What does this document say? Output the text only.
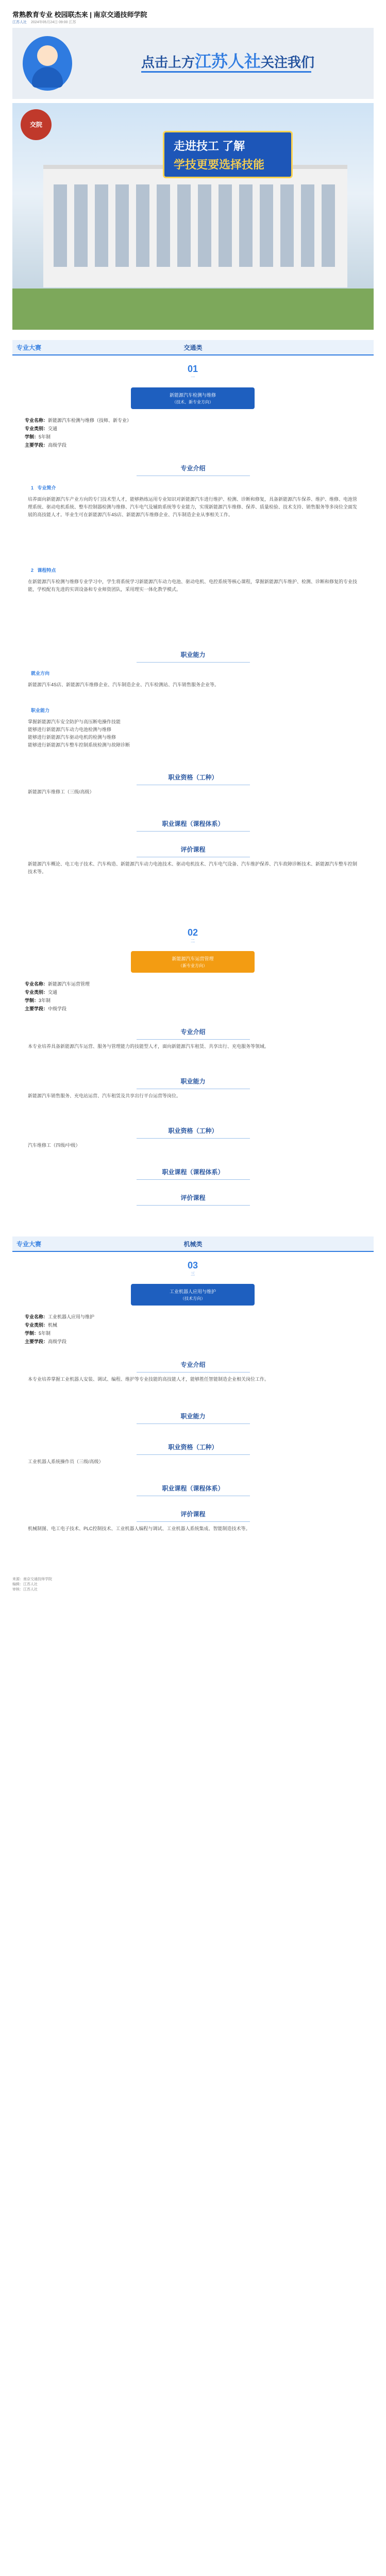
常熟教育专业 校园联杰来 | 南京交通技师学院
江苏人社 2024年05月24日 09:00 江苏
点击上方江苏人社关注我们
交院
走进技工 了解
学技更要选择技能
专业大赛	交通类
01
一
新能源汽车检测与维修
（技术、新专业方向）
专业名称：新能源汽车检测与维修（技师、新专业）
专业类别：交通
学制：5年制
主要学段：高级学段
专业介绍
1 专业简介
培养面向新能源汽车产业方向的专门技术型人才，能够熟练运用专业知识对新能源汽车进行维护、检测、诊断和修复，具备新能源汽车保养、维护、维修、电池管理系统、驱动电机系统、整车控制器检测与维修、汽车电气及辅助系统等专业能力，实现新能源汽车维修、保养、质量检验、技术支持、销售服务等多岗位全面发展的高技能人才。毕业生可在新能源汽车4S店、新能源汽车维修企业、汽车制造企业从事相关工作。
2 课程特点
在新能源汽车检测与维修专业学习中，学生将系统学习新能源汽车动力电池、驱动电机、电控系统等核心课程，掌握新能源汽车维护、检测、诊断和修复的专业技能，学校配有先进的实训设备和专业师资团队，采用理实一体化教学模式。
职业能力
就业方向
新能源汽车4S店、新能源汽车维修企业、汽车制造企业、汽车检测站、汽车销售服务企业等。
职业能力
掌握新能源汽车安全防护与高压断电操作技能
能够进行新能源汽车动力电池检测与维修
能够进行新能源汽车驱动电机的检测与维修
能够进行新能源汽车整车控制系统检测与故障诊断
职业资格（工种）
新能源汽车维修工（三级/高级）
职业课程（课程体系）
评价课程
新能源汽车概论、电工电子技术、汽车构造、新能源汽车动力电池技术、驱动电机技术、汽车电气设备、汽车维护保养、汽车故障诊断技术、新能源汽车整车控制技术等。
02
二
新能源汽车运营管理
（新专业方向）
专业名称：新能源汽车运营管理
专业类别：交通
学制：3年制
主要学段：中级学段
专业介绍
本专业培养具备新能源汽车运营、服务与管理能力的技能型人才，面向新能源汽车租赁、共享出行、充电服务等领域。
职业能力
新能源汽车销售服务、充电站运营、汽车租赁及共享出行平台运营等岗位。
职业资格（工种）
汽车维修工（四级/中级）
职业课程（课程体系）
评价课程
专业大赛	机械类
03
三
工业机器人应用与维护
（技术方向）
专业名称：工业机器人应用与维护
专业类别：机械
学制：5年制
主要学段：高级学段
专业介绍
本专业培养掌握工业机器人安装、调试、编程、维护等专业技能的高技能人才，能够胜任智能制造企业相关岗位工作。
职业能力
职业资格（工种）
工业机器人系统操作员（三级/高级）
职业课程（课程体系）
评价课程
机械制图、电工电子技术、PLC控制技术、工业机器人编程与调试、工业机器人系统集成、智能制造技术等。
来源：南京交通技师学院
编辑：江苏人社
审核：江苏人社
